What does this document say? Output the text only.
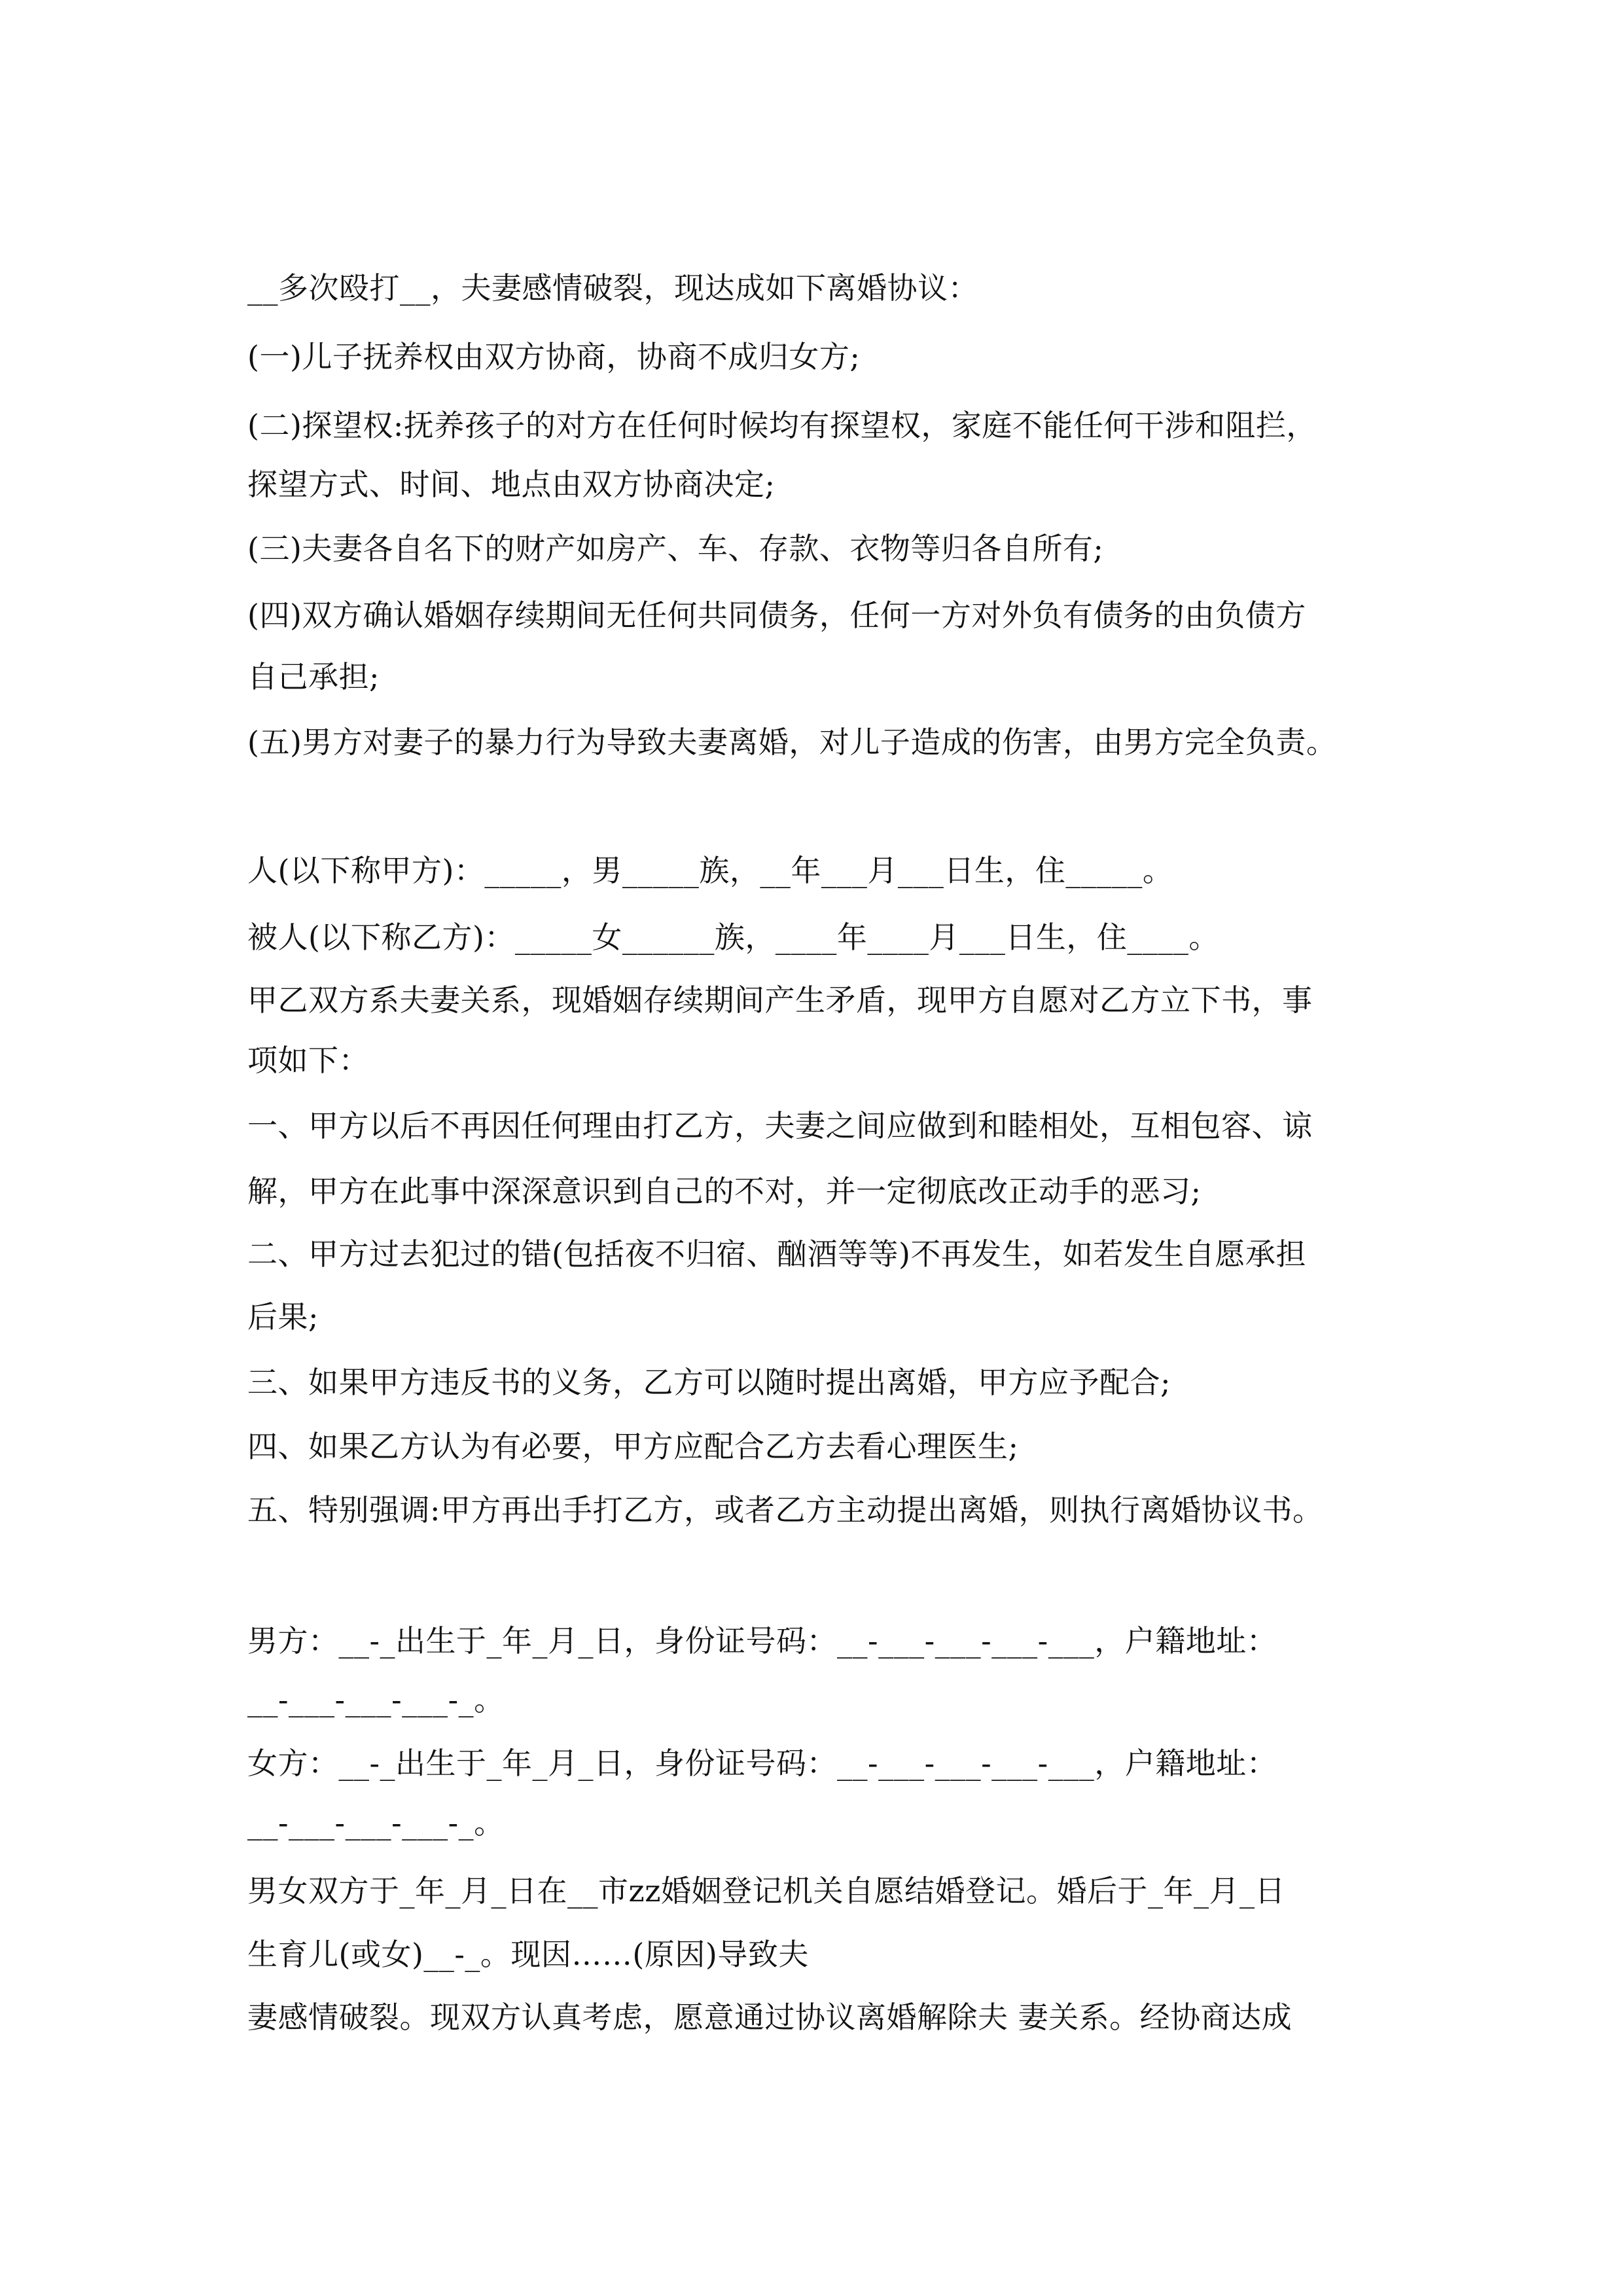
__多次殴打__，夫妻感情破裂，现达成如下离婚协议：
(一)儿子抚养权由双方协商，协商不成归女方;
(二)探望权:抚养孩子的对方在任何时候均有探望权，家庭不能任何干涉和阻拦，
探望方式、时间、地点由双方协商决定;
(三)夫妻各自名下的财产如房产、车、存款、衣物等归各自所有;
(四)双方确认婚姻存续期间无任何共同债务，任何一方对外负有债务的由负债方
自己承担;
(五)男方对妻子的暴力行为导致夫妻离婚，对儿子造成的伤害，由男方完全负责。
人(以下称甲方)：_____，男_____族，__年___月___日生，住_____。
被人(以下称乙方)：_____女______族，____年____月___日生，住____。
甲乙双方系夫妻关系，现婚姻存续期间产生矛盾，现甲方自愿对乙方立下书，事
项如下：
一、甲方以后不再因任何理由打乙方，夫妻之间应做到和睦相处，互相包容、谅
解，甲方在此事中深深意识到自己的不对，并一定彻底改正动手的恶习;
二、甲方过去犯过的错(包括夜不归宿、酗酒等等)不再发生，如若发生自愿承担
后果;
三、如果甲方违反书的义务，乙方可以随时提出离婚，甲方应予配合;
四、如果乙方认为有必要，甲方应配合乙方去看心理医生;
五、特别强调:甲方再出手打乙方，或者乙方主动提出离婚，则执行离婚协议书。
男方：__-_出生于_年_月_日，身份证号码：__-___-___-___-___，户籍地址：
__-___-___-___-_。
女方：__-_出生于_年_月_日，身份证号码：__-___-___-___-___，户籍地址：
__-___-___-___-_。
男女双方于_年_月_日在__市zz婚姻登记机关自愿结婚登记。婚后于_年_月_日
生育儿(或女)__-_。现因……(原因)导致夫
妻感情破裂。现双方认真考虑，愿意通过协议离婚解除夫 妻关系。经协商达成
